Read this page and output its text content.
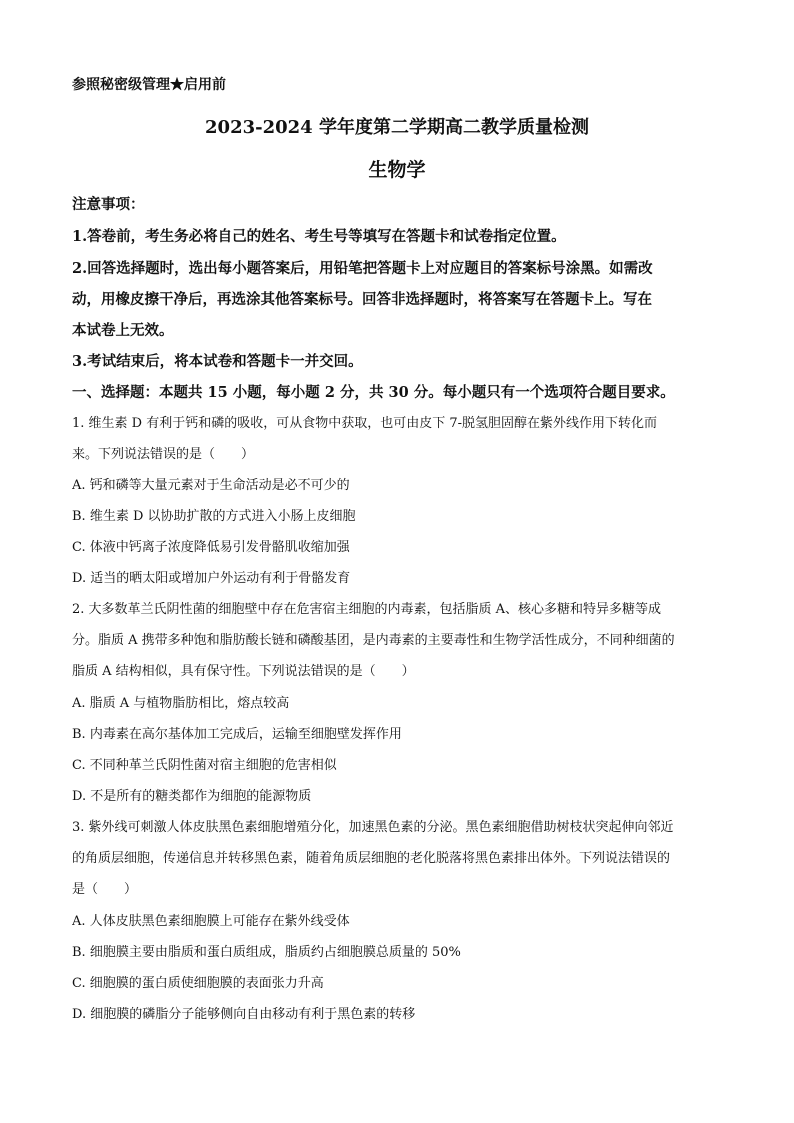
参照秘密级管理★启用前
2023-2024 学年度第二学期高二教学质量检测
生物学
注意事项：
1.答卷前，考生务必将自己的姓名、考生号等填写在答题卡和试卷指定位置。
2.回答选择题时，选出每小题答案后，用铅笔把答题卡上对应题目的答案标号涂黑。如需改
动，用橡皮擦干净后，再选涂其他答案标号。回答非选择题时，将答案写在答题卡上。写在
本试卷上无效。
3.考试结束后，将本试卷和答题卡一并交回。
一、选择题：本题共 15 小题，每小题 2 分，共 30 分。每小题只有一个选项符合题目要求。
1. 维生素 D 有利于钙和磷的吸收，可从食物中获取，也可由皮下 7-脱氢胆固醇在紫外线作用下转化而
来。下列说法错误的是（　　）
A. 钙和磷等大量元素对于生命活动是必不可少的
B. 维生素 D 以协助扩散的方式进入小肠上皮细胞
C. 体液中钙离子浓度降低易引发骨骼肌收缩加强
D. 适当的晒太阳或增加户外运动有利于骨骼发育
2. 大多数革兰氏阴性菌的细胞壁中存在危害宿主细胞的内毒素，包括脂质 A、核心多糖和特异多糖等成
分。脂质 A 携带多种饱和脂肪酸长链和磷酸基团，是内毒素的主要毒性和生物学活性成分，不同种细菌的
脂质 A 结构相似，具有保守性。下列说法错误的是（　　）
A. 脂质 A 与植物脂肪相比，熔点较高
B. 内毒素在高尔基体加工完成后，运输至细胞壁发挥作用
C. 不同种革兰氏阴性菌对宿主细胞的危害相似
D. 不是所有的糖类都作为细胞的能源物质
3. 紫外线可刺激人体皮肤黑色素细胞增殖分化，加速黑色素的分泌。黑色素细胞借助树枝状突起伸向邻近
的角质层细胞，传递信息并转移黑色素，随着角质层细胞的老化脱落将黑色素排出体外。下列说法错误的
是（　　）
A. 人体皮肤黑色素细胞膜上可能存在紫外线受体
B. 细胞膜主要由脂质和蛋白质组成，脂质约占细胞膜总质量的 50%
C. 细胞膜的蛋白质使细胞膜的表面张力升高
D. 细胞膜的磷脂分子能够侧向自由移动有利于黑色素的转移
